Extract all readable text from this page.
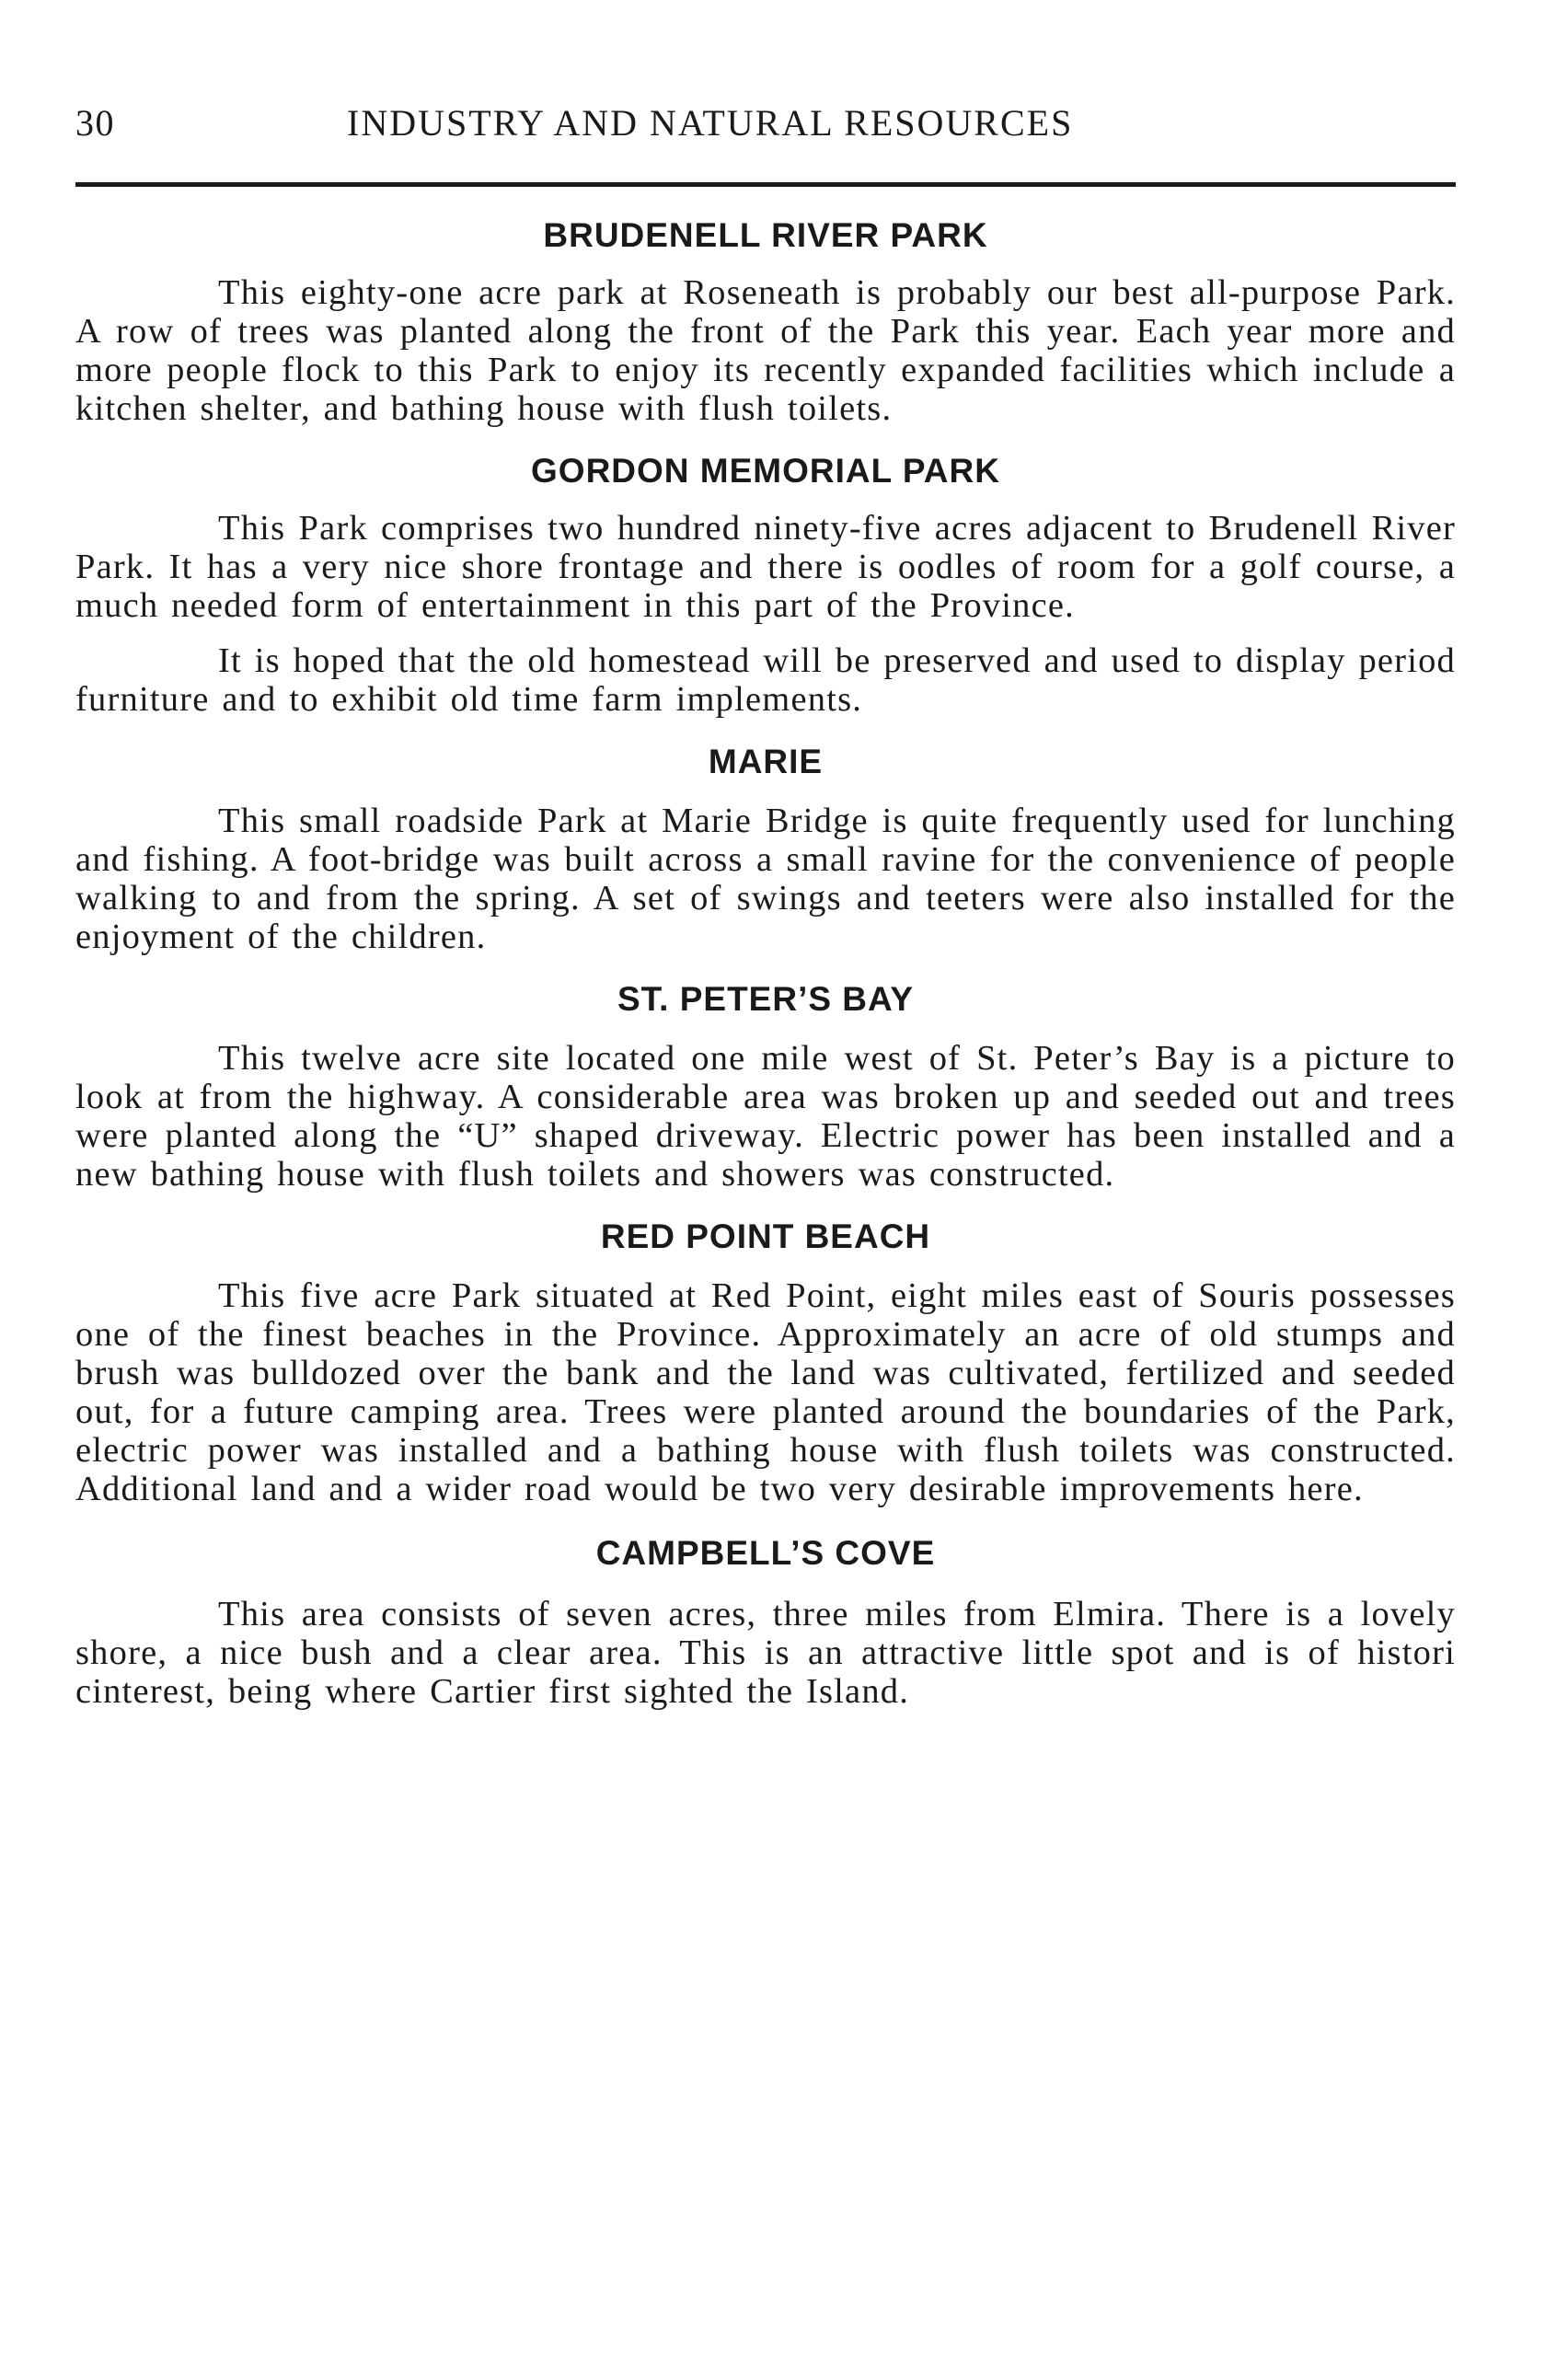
30	INDUSTRY AND NATURAL RESOURCES
BRUDENELL RIVER PARK

This eighty-one acre park at Roseneath is probably our best all-purpose Park. A row of trees was planted along the front of the Park this year. Each year more and more people flock to this Park to enjoy its recently expanded facilities which include a kitchen shelter, and bathing house with flush toilets.

GORDON MEMORIAL PARK

This Park comprises two hundred ninety-five acres adjacent to Brudenell River Park. It has a very nice shore frontage and there is oodles of room for a golf course, a much needed form of entertainment in this part of the Province.

It is hoped that the old homestead will be preserved and used to display period furniture and to exhibit old time farm implements.

MARIE

This small roadside Park at Marie Bridge is quite frequently used for lunching and fishing. A foot-bridge was built across a small ravine for the convenience of people walking to and from the spring. A set of swings and teeters were also installed for the enjoyment of the children.

ST. PETER’S BAY

This twelve acre site located one mile west of St. Peter’s Bay is a picture to look at from the highway. A considerable area was broken up and seeded out and trees were planted along the “U” shaped driveway. Electric power has been installed and a new bathing house with flush toilets and showers was constructed.

RED POINT BEACH

This five acre Park situated at Red Point, eight miles east of Souris possesses one of the finest beaches in the Province. Approximately an acre of old stumps and brush was bulldozed over the bank and the land was cultivated, fertilized and seeded out, for a future camping area. Trees were planted around the boundaries of the Park, electric power was installed and a bathing house with flush toilets was constructed. Additional land and a wider road would be two very desirable improvements here.

CAMPBELL’S COVE

This area consists of seven acres, three miles from Elmira. There is a lovely shore, a nice bush and a clear area. This is an attractive little spot and is of histori cinterest, being where Cartier first sighted the Island.
